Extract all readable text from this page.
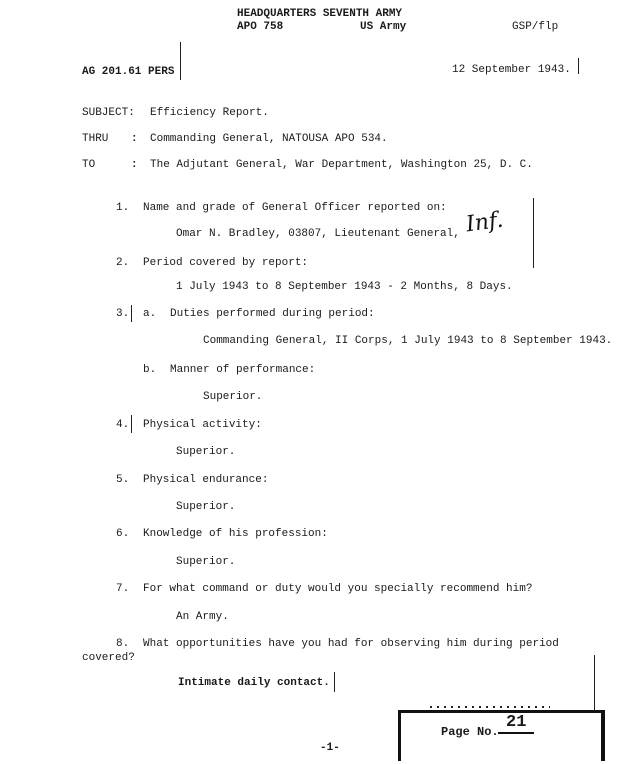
HEADQUARTERS SEVENTH ARMY
APO 758	US Army	GSP/flp
AG 201.61 PERS	12 September 1943.
SUBJECT: Efficiency Report.
THRU : Commanding General, NATOUSA APO 534.
TO	: The Adjutant General, War Department, Washington 25, D. C.
1. Name and grade of General Officer reported on:
Omar N. Bradley, 03807, Lieutenant General, Inf.
2. Period covered by report:
1 July 1943 to 8 September 1943 - 2 Months, 8 Days.
3. a. Duties performed during period:
Commanding General, II Corps, 1 July 1943 to 8 September 1943.
b. Manner of performance:
Superior.
4. Physical activity:
Superior.
5. Physical endurance:
Superior.
6. Knowledge of his profession:
Superior.
7. For what command or duty would you specially recommend him?
An Army.
8. What opportunities have you had for observing him during period
covered?
Intimate daily contact.
Page No. 21
-1-
